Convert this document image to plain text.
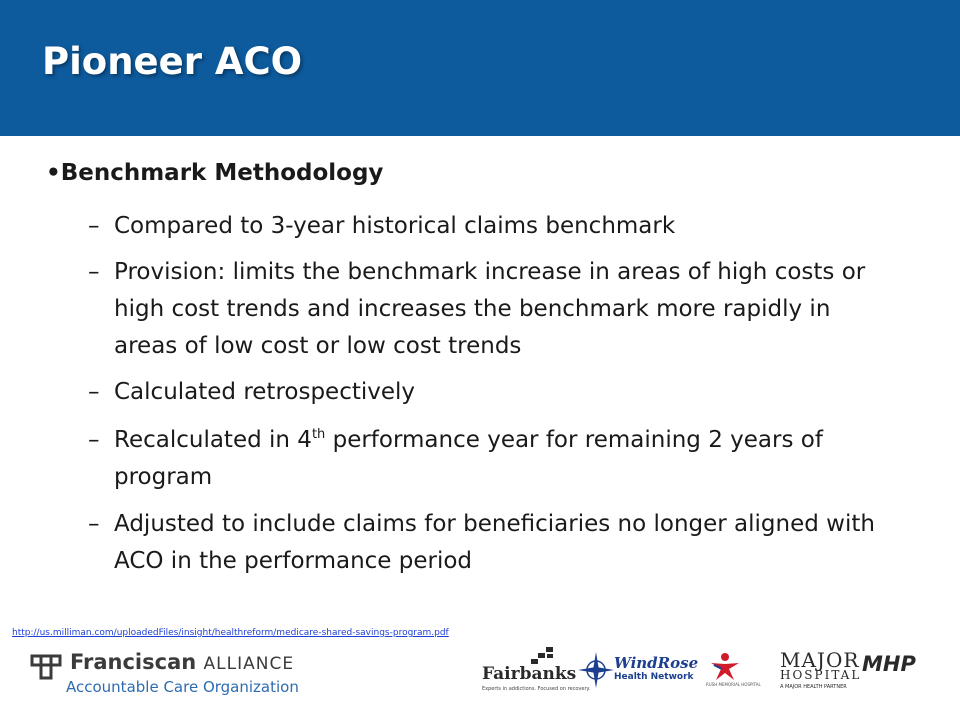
Pioneer ACO
•Benchmark Methodology
– Compared to 3-year historical claims benchmark
– Provision: limits the benchmark increase in areas of high costs or high cost trends and increases the benchmark more rapidly in areas of low cost or low cost trends
– Calculated retrospectively
– Recalculated in 4th performance year for remaining 2 years of program
– Adjusted to include claims for beneficiaries no longer aligned with ACO in the performance period
http://us.milliman.com/uploadedFiles/insight/healthreform/medicare-shared-savings-program.pdf
Franciscan ALLIANCE
Accountable Care Organization
Fairbanks
Experts in addictions. Focused on recovery.
WindRose
Health Network
RUSH MEMORIAL HOSPITAL
MAJOR
HOSPITAL
A MAJOR HEALTH PARTNER
MHP
